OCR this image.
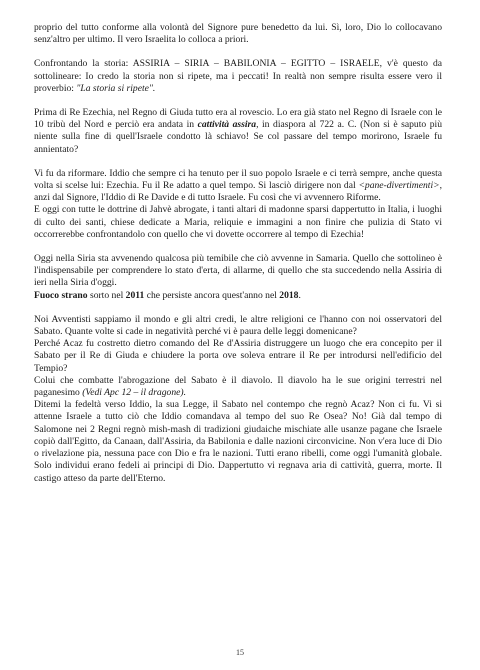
proprio del tutto conforme alla volontà del Signore pure benedetto da lui. Sì, loro, Dio lo collocavano senz'altro per ultimo. Il vero Israelita lo colloca a priori.

Confrontando la storia: ASSIRIA – SIRIA – BABILONIA – EGITTO – ISRAELE, v'è questo da sottolineare: Io credo la storia non si ripete, ma i peccati! In realtà non sempre risulta essere vero il proverbio: "La storia si ripete".

Prima di Re Ezechia, nel Regno di Giuda tutto era al rovescio. Lo era già stato nel Regno di Israele con le 10 tribù del Nord e perciò era andata in cattività assira, in diaspora al 722 a. C. (Non si è saputo più niente sulla fine di quell'Israele condotto là schiavo! Se col passare del tempo morirono, Israele fu annientato?

Vi fu da riformare. Iddio che sempre ci ha tenuto per il suo popolo Israele e ci terrà sempre, anche questa volta si scelse lui: Ezechia. Fu il Re adatto a quel tempo. Si lasciò dirigere non dal <pane-divertimenti>, anzi dal Signore, l'Iddio di Re Davide e di tutto Israele. Fu così che vi avvennero Riforme.

E oggi con tutte le dottrine di Jahvè abrogate, i tanti altari di madonne sparsi dappertutto in Italia, i luoghi di culto dei santi, chiese dedicate a Maria, reliquie e immagini a non finire che pulizia di Stato vi occorrerebbe confrontandolo con quello che vi dovette occorrere al tempo di Ezechia!

Oggi nella Siria sta avvenendo qualcosa più temibile che ciò avvenne in Samaria. Quello che sottolineo è l'indispensabile per comprendere lo stato d'erta, di allarme, di quello che sta succedendo nella Assiria di ieri nella Siria d'oggi.

Fuoco strano sorto nel 2011 che persiste ancora quest'anno nel 2018.

Noi Avventisti sappiamo il mondo e gli altri credi, le altre religioni ce l'hanno con noi osservatori del Sabato. Quante volte si cade in negatività perché vi è paura delle leggi domenicane?

Perché Acaz fu costretto dietro comando del Re d'Assiria distruggere un luogo che era concepito per il Sabato per il Re di Giuda e chiudere la porta ove soleva entrare il Re per introdursi nell'edificio del Tempio?

Colui che combatte l'abrogazione del Sabato è il diavolo. Il diavolo ha le sue origini terrestri nel paganesimo (Vedi Apc 12 – il dragone).

Ditemi la fedeltà verso Iddio, la sua Legge, il Sabato nel contempo che regnò Acaz? Non ci fu. Vi si attenne Israele a tutto ciò che Iddio comandava al tempo del suo Re Osea? No! Già dal tempo di Salomone nei 2 Regni regnò mish-mash di tradizioni giudaiche mischiate alle usanze pagane che Israele copiò dall'Egitto, da Canaan, dall'Assiria, da Babilonia e dalle nazioni circonvicine. Non v'era luce di Dio o rivelazione pia, nessuna pace con Dio e fra le nazioni. Tutti erano ribelli, come oggi l'umanità globale. Solo individui erano fedeli ai principi di Dio. Dappertutto vi regnava aria di cattività, guerra, morte. Il castigo atteso da parte dell'Eterno.

15
